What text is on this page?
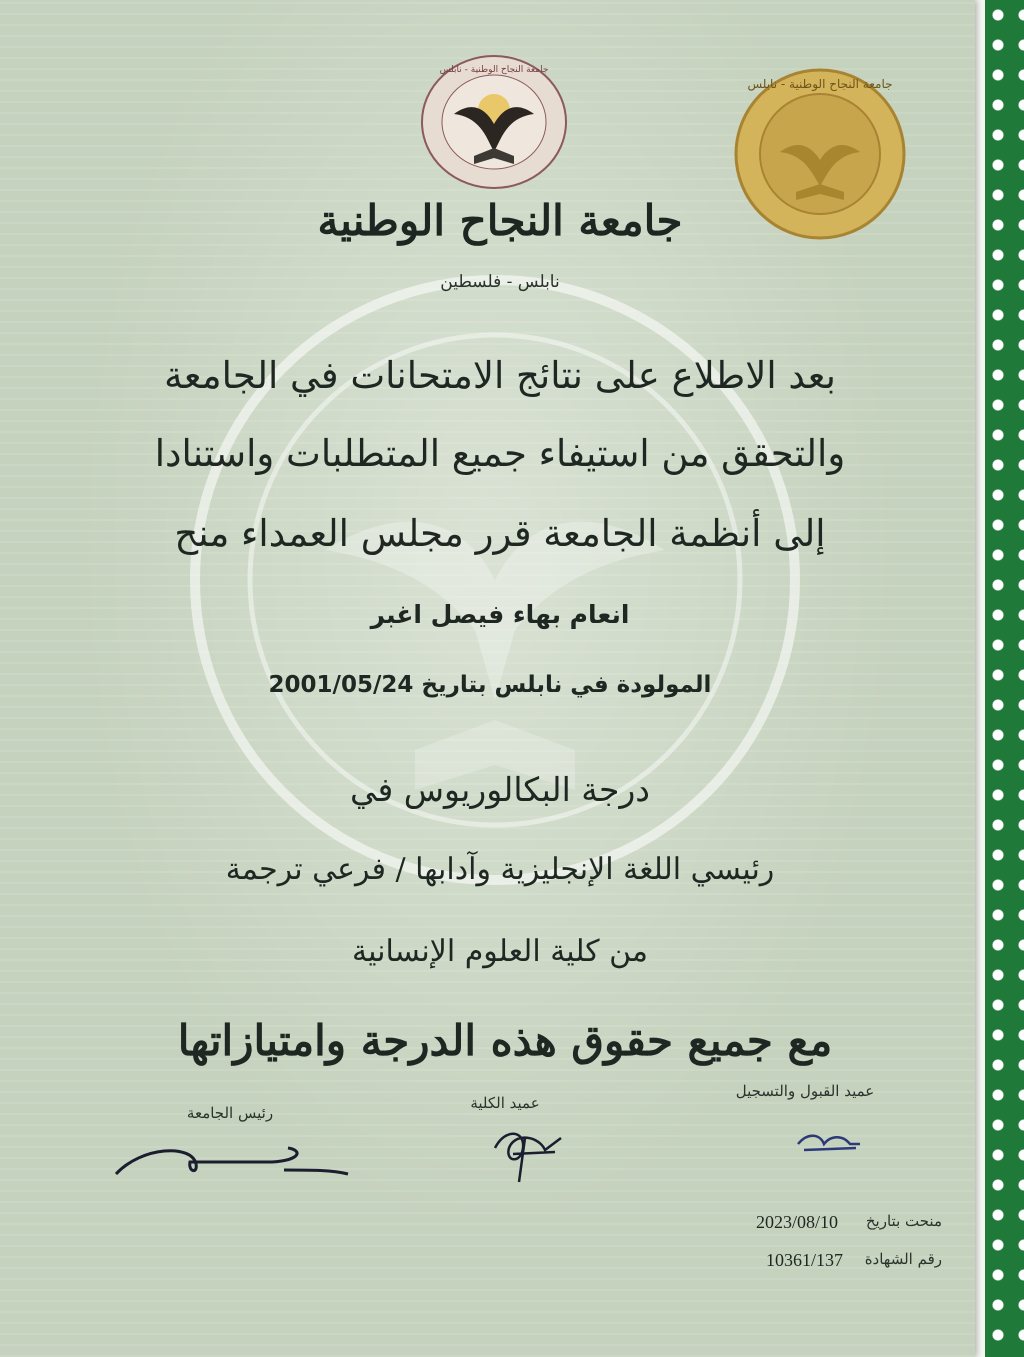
جامعة النجاح الوطنية - نابلس
جامعة النجاح الوطنية - نابلس
جامعة النجاح الوطنية
نابلس - فلسطين
بعد الاطلاع على نتائج الامتحانات في الجامعة
والتحقق من استيفاء جميع المتطلبات واستنادا
إلى أنظمة الجامعة قرر مجلس العمداء منح
انعام بهاء فيصل اغبر
المولودة في نابلس بتاريخ 2001/05/24
درجة البكالوريوس في
رئيسي اللغة الإنجليزية وآدابها / فرعي ترجمة
من كلية العلوم الإنسانية
مع جميع حقوق هذه الدرجة وامتيازاتها
عميد القبول والتسجيل
عميد الكلية
رئيس الجامعة
منحت بتاريخ
2023/08/10
رقم الشهادة
10361/137
